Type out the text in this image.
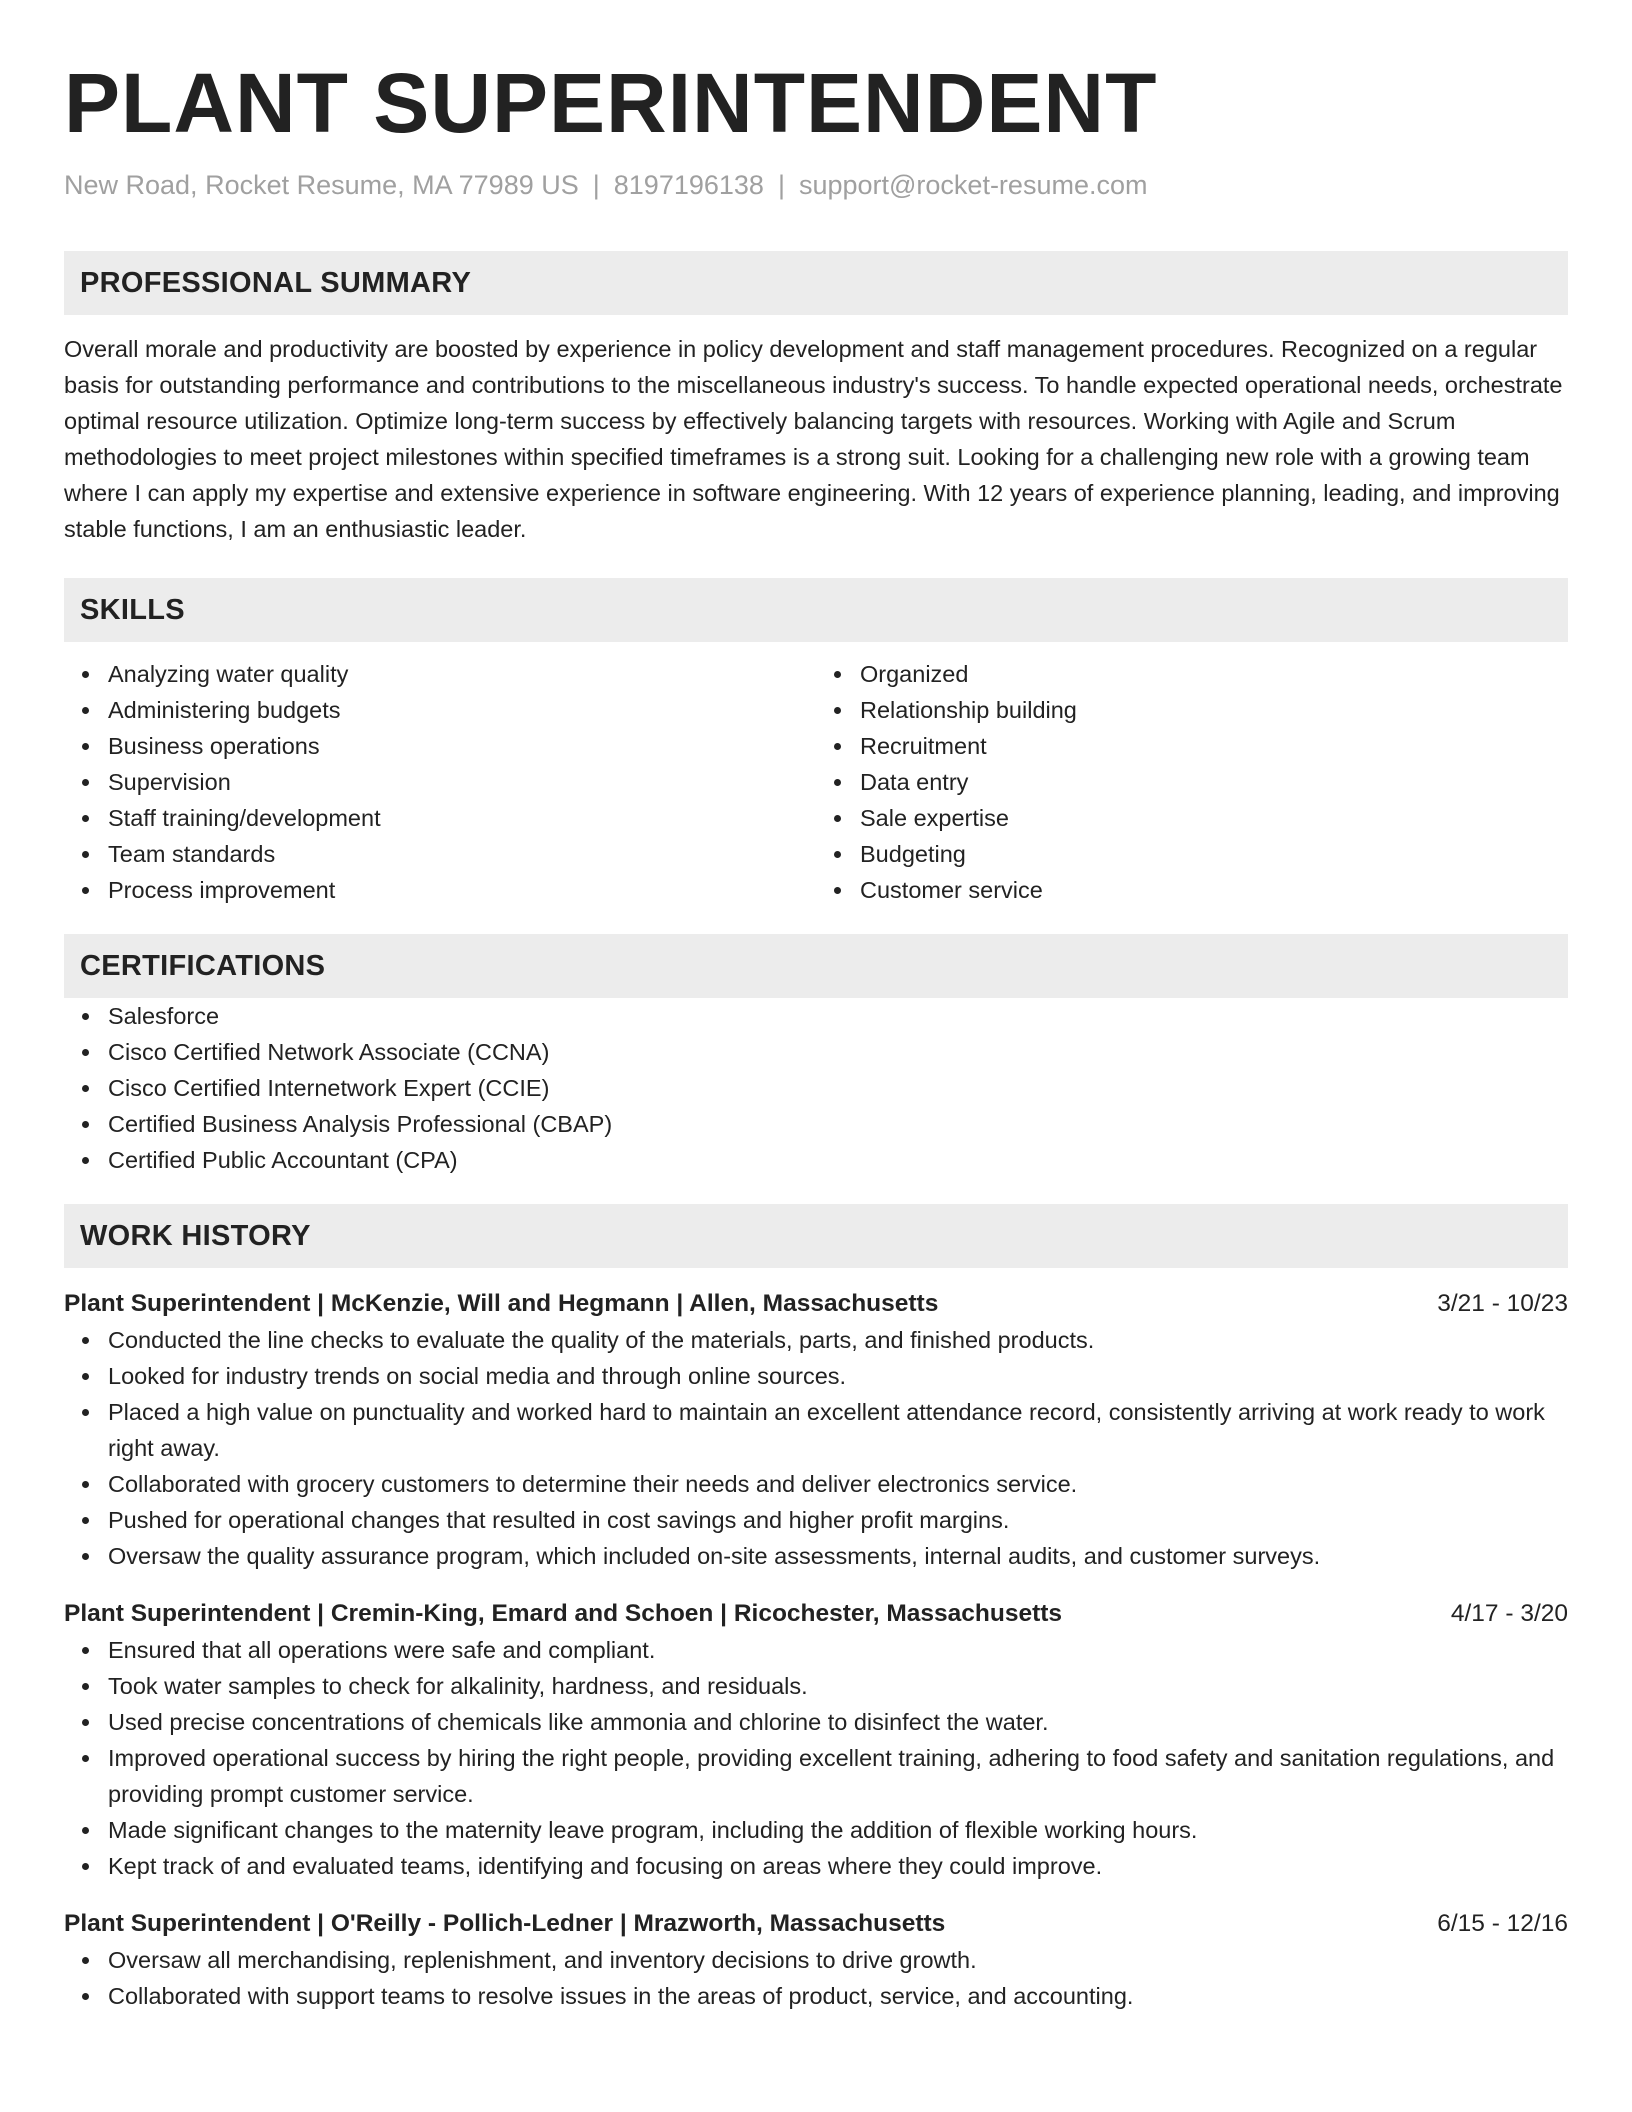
PLANT SUPERINTENDENT
New Road, Rocket Resume, MA 77989 US | 8197196138 | support@rocket-resume.com
PROFESSIONAL SUMMARY

Overall morale and productivity are boosted by experience in policy development and staff management procedures. Recognized on a regular basis for outstanding performance and contributions to the miscellaneous industry's success. To handle expected operational needs, orchestrate optimal resource utilization. Optimize long-term success by effectively balancing targets with resources. Working with Agile and Scrum methodologies to meet project milestones within specified timeframes is a strong suit. Looking for a challenging new role with a growing team where I can apply my expertise and extensive experience in software engineering. With 12 years of experience planning, leading, and improving stable functions, I am an enthusiastic leader.

SKILLS
Analyzing water quality
Administering budgets
Business operations
Supervision
Staff training/development
Team standards
Process improvement
Organized
Relationship building
Recruitment
Data entry
Sale expertise
Budgeting
Customer service
CERTIFICATIONS
Salesforce
Cisco Certified Network Associate (CCNA)
Cisco Certified Internetwork Expert (CCIE)
Certified Business Analysis Professional (CBAP)
Certified Public Accountant (CPA)
WORK HISTORY
Plant Superintendent | McKenzie, Will and Hegmann | Allen, Massachusetts	3/21 - 10/23
Conducted the line checks to evaluate the quality of the materials, parts, and finished products.
Looked for industry trends on social media and through online sources.
Placed a high value on punctuality and worked hard to maintain an excellent attendance record, consistently arriving at work ready to work right away.
Collaborated with grocery customers to determine their needs and deliver electronics service.
Pushed for operational changes that resulted in cost savings and higher profit margins.
Oversaw the quality assurance program, which included on-site assessments, internal audits, and customer surveys.
Plant Superintendent | Cremin-King, Emard and Schoen | Ricochester, Massachusetts	4/17 - 3/20
Ensured that all operations were safe and compliant.
Took water samples to check for alkalinity, hardness, and residuals.
Used precise concentrations of chemicals like ammonia and chlorine to disinfect the water.
Improved operational success by hiring the right people, providing excellent training, adhering to food safety and sanitation regulations, and providing prompt customer service.
Made significant changes to the maternity leave program, including the addition of flexible working hours.
Kept track of and evaluated teams, identifying and focusing on areas where they could improve.
Plant Superintendent | O'Reilly - Pollich-Ledner | Mrazworth, Massachusetts	6/15 - 12/16
Oversaw all merchandising, replenishment, and inventory decisions to drive growth.
Collaborated with support teams to resolve issues in the areas of product, service, and accounting.
